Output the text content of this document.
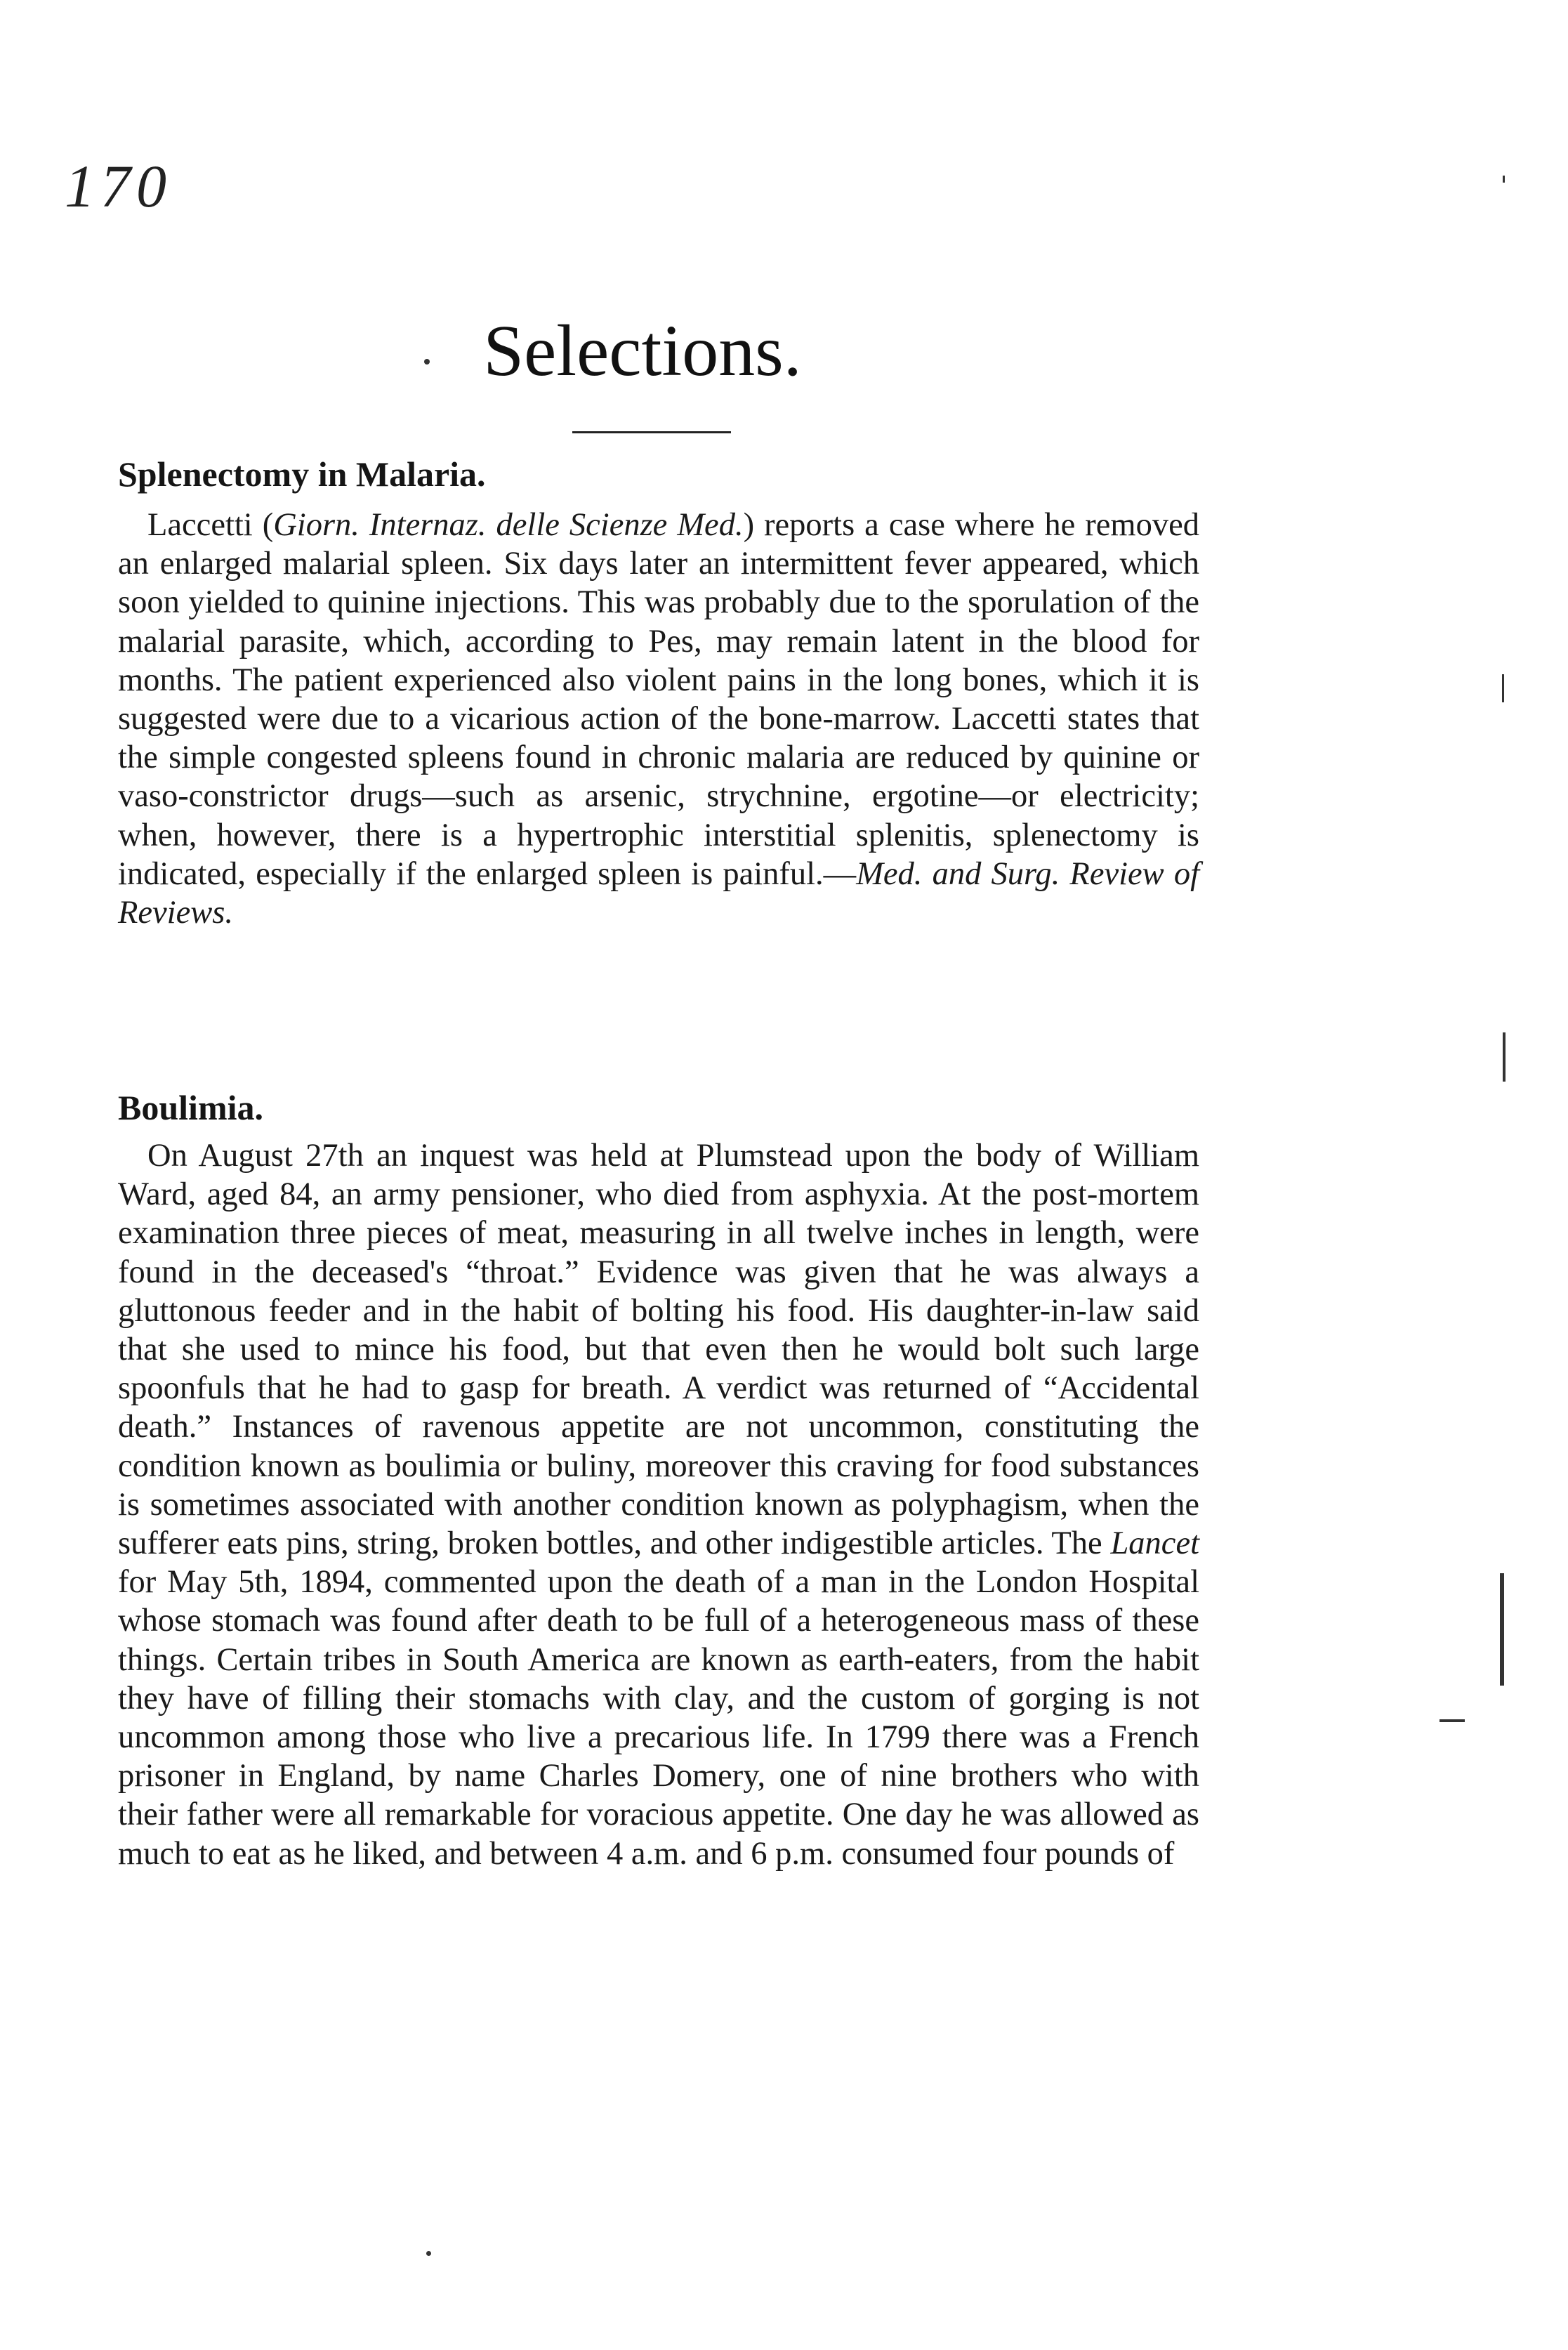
170
Selections.
Splenectomy in Malaria.

Laccetti (Giorn. Internaz. delle Scienze Med.) reports a case where he removed an enlarged malarial spleen. Six days later an intermittent fever appeared, which soon yielded to quinine injections. This was probably due to the sporulation of the malarial parasite, which, according to Pes, may remain latent in the blood for months. The patient experienced also violent pains in the long bones, which it is suggested were due to a vicarious action of the bone-marrow. Laccetti states that the simple congested spleens found in chronic malaria are reduced by quinine or vaso-constrictor drugs—such as arsenic, strychnine, ergotine—or electricity; when, however, there is a hypertrophic interstitial splenitis, splenectomy is indicated, especially if the enlarged spleen is painful.—Med. and Surg. Review of Reviews.

Boulimia.

On August 27th an inquest was held at Plumstead upon the body of William Ward, aged 84, an army pensioner, who died from asphyxia. At the post-mortem examination three pieces of meat, measuring in all twelve inches in length, were found in the deceased's “throat.” Evidence was given that he was always a gluttonous feeder and in the habit of bolting his food. His daughter-in-law said that she used to mince his food, but that even then he would bolt such large spoonfuls that he had to gasp for breath. A verdict was returned of “Accidental death.” Instances of ravenous appetite are not uncommon, constituting the condition known as boulimia or buliny, moreover this craving for food substances is sometimes associated with another condition known as polyphagism, when the sufferer eats pins, string, broken bottles, and other indigestible articles. The Lancet for May 5th, 1894, commented upon the death of a man in the London Hospital whose stomach was found after death to be full of a heterogeneous mass of these things. Certain tribes in South America are known as earth-eaters, from the habit they have of filling their stomachs with clay, and the custom of gorging is not uncommon among those who live a precarious life. In 1799 there was a French prisoner in England, by name Charles Domery, one of nine brothers who with their father were all remarkable for voracious appetite. One day he was allowed as much to eat as he liked, and between 4 a.m. and 6 p.m. consumed four pounds of
